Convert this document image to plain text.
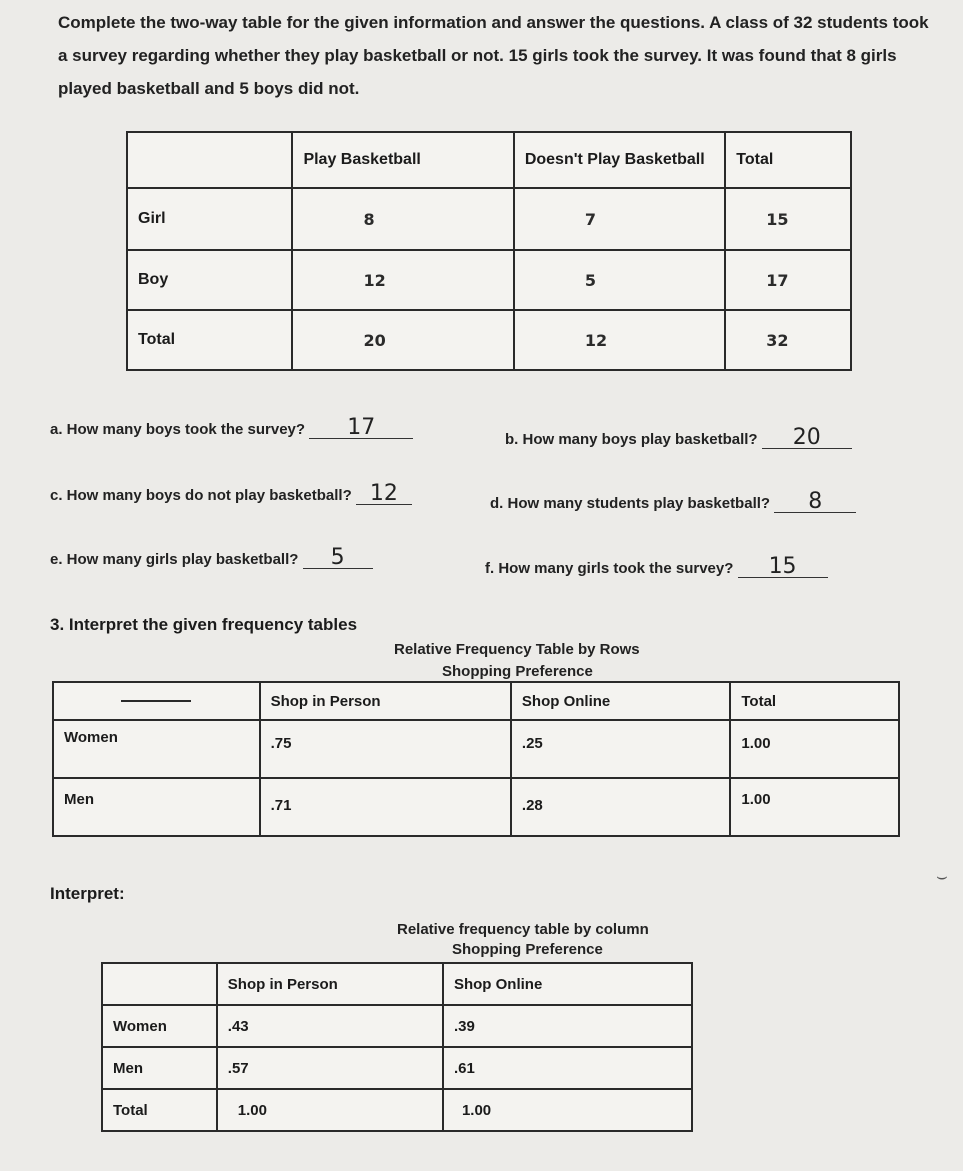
Complete the two-way table for the given information and answer the questions. A class of 32 students took a survey regarding whether they play basketball or not. 15 girls took the survey. It was found that 8 girls played basketball and 5 boys did not.
	Play Basketball	Doesn't Play Basketball	Total
Girl	8	7	15
Boy	12	5	17
Total	20	12	32
a. How many boys took the survey? 17	b. How many boys play basketball? 20
c. How many boys do not play basketball? 12	d. How many students play basketball? 8
e. How many girls play basketball? 5	f. How many girls took the survey? 15
3. Interpret the given frequency tables
Relative Frequency Table by Rows
Shopping Preference
	Shop in Person	Shop Online	Total
Women	.75	.25	1.00
Men	.71	.28	1.00
Interpret:
⌣
Relative frequency table by column
Shopping Preference
	Shop in Person	Shop Online
Women	.43	.39
Men	.57	.61
Total	1.00	1.00
